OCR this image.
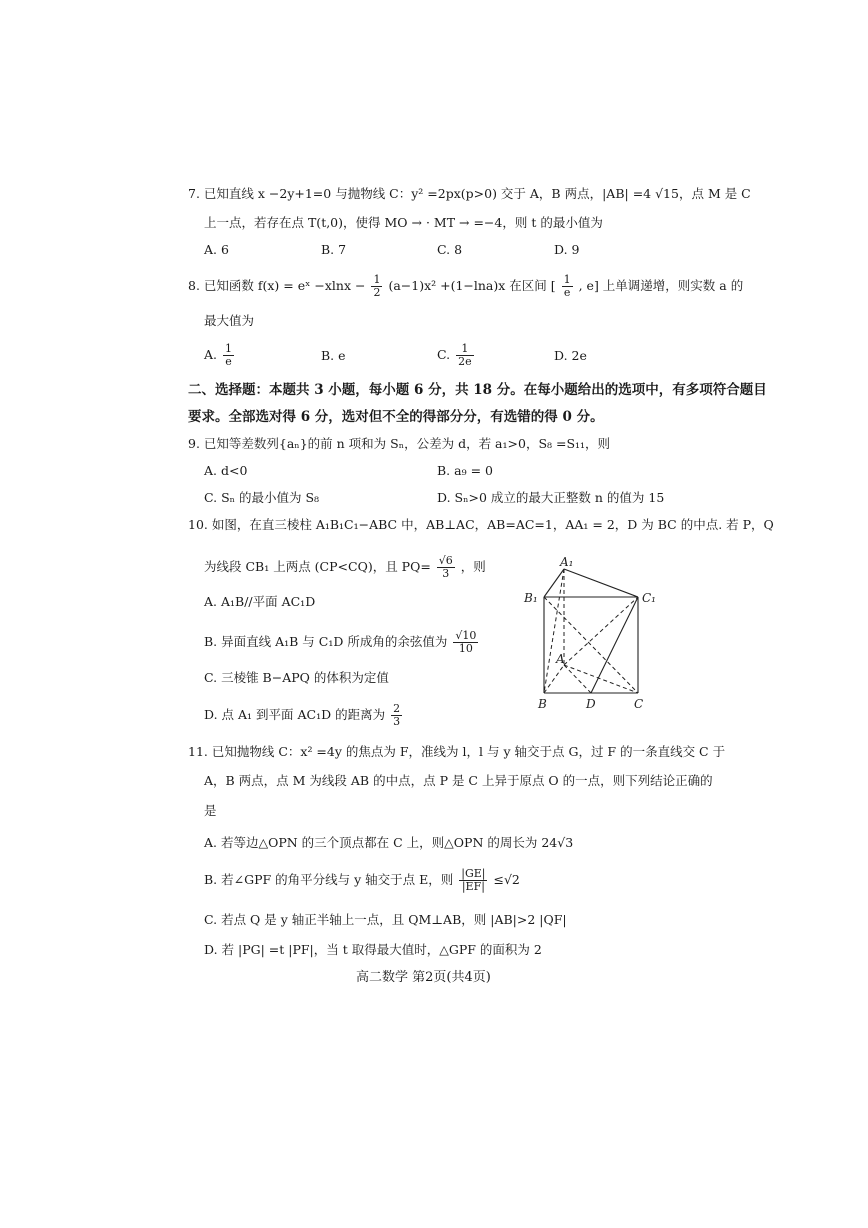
7. 已知直线 x −2y+1=0 与抛物线 C：y² =2px(p>0) 交于 A，B 两点，|AB| =4 √15，点 M 是 C
上一点，若存在点 T(t,0)，使得 MO → · MT → =−4，则 t 的最小值为
A. 6	B. 7	C. 8	D. 9
8. 已知函数 f(x) = eˣ $-xlnx - \frac{1}{2} (a-1)x^2 +(1-\ln a)x$ 在区间 [ $\frac{1}{e}$ , e] 上单调递增，则实数 a 的
最大值为
A. $\frac{1}{e}$	B. e	C. $\frac{1}{2e}$	D. 2e
二、选择题：本题共 3 小题，每小题 6 分，共 18 分。在每小题给出的选项中，有多项符合题目
要求。全部选对得 6 分，选对但不全的得部分分，有选错的得 0 分。
9. 已知等差数列{aₙ}的前 n 项和为 Sₙ，公差为 d，若 a₁>0，S₈ =S₁₁，则
A. d<0	B. a₉ = 0
C. Sₙ 的最小值为 S₈	D. Sₙ>0 成立的最大正整数 n 的值为 15
10. 如图，在直三棱柱 A₁B₁C₁−ABC 中，AB⊥AC，AB=AC=1，AA₁ = 2，D 为 BC 的中点. 若 P，Q
为线段 CB₁ 上两点 (CP<CQ)，且 $PQ= \frac{√6}{3}$ ，则
A. A₁B//平面 AC₁D
B. 异面直线 A₁B 与 C₁D 所成角的余弦值为 $\frac{√10}{10}$
C. 三棱锥 B−APQ 的体积为定值
D. 点 A₁ 到平面 AC₁D 的距离为 $\frac{2}{3}$
A₁
B₁	C₁
A
B	D	C
11. 已知抛物线 C：x² =4y 的焦点为 F，准线为 l，l 与 y 轴交于点 G，过 F 的一条直线交 C 于
A，B 两点，点 M 为线段 AB 的中点，点 P 是 C 上异于原点 O 的一点，则下列结论正确的
是
A. 若等边△OPN 的三个顶点都在 C 上，则△OPN 的周长为 24√3
B. 若∠GPF 的角平分线与 y 轴交于点 E，则 $\frac{|GE|}{|EF|} \le√2$
C. 若点 Q 是 y 轴正半轴上一点，且 QM⊥AB，则 |AB|>2 |QF|
D. 若 |PG| =t |PF|，当 t 取得最大值时，△GPF 的面积为 2
高二数学 第2页(共4页)
